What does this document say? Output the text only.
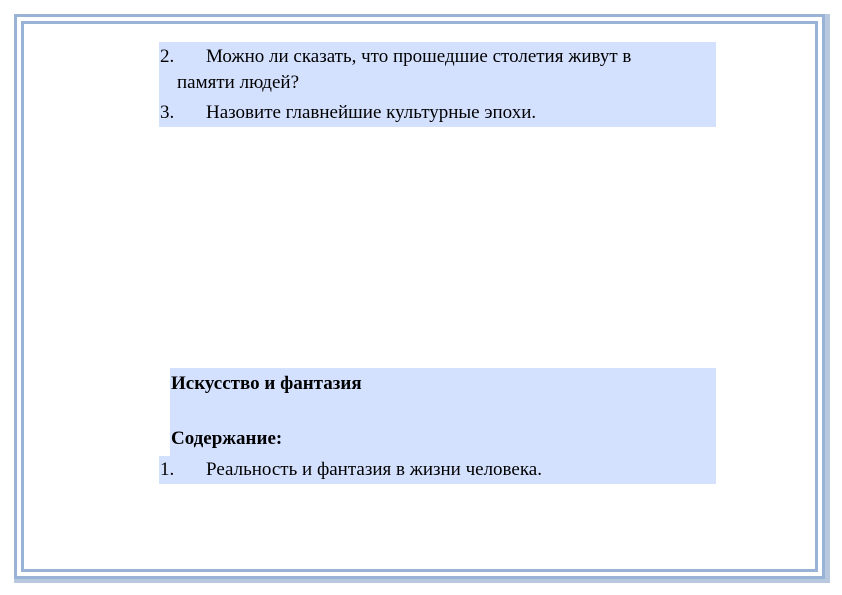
2. Можно ли сказать, что прошедшие столетия живут в
памяти людей?
3. Назовите главнейшие культурные эпохи.
Искусство и фантазия
Содержание:
1. Реальность и фантазия в жизни человека.
